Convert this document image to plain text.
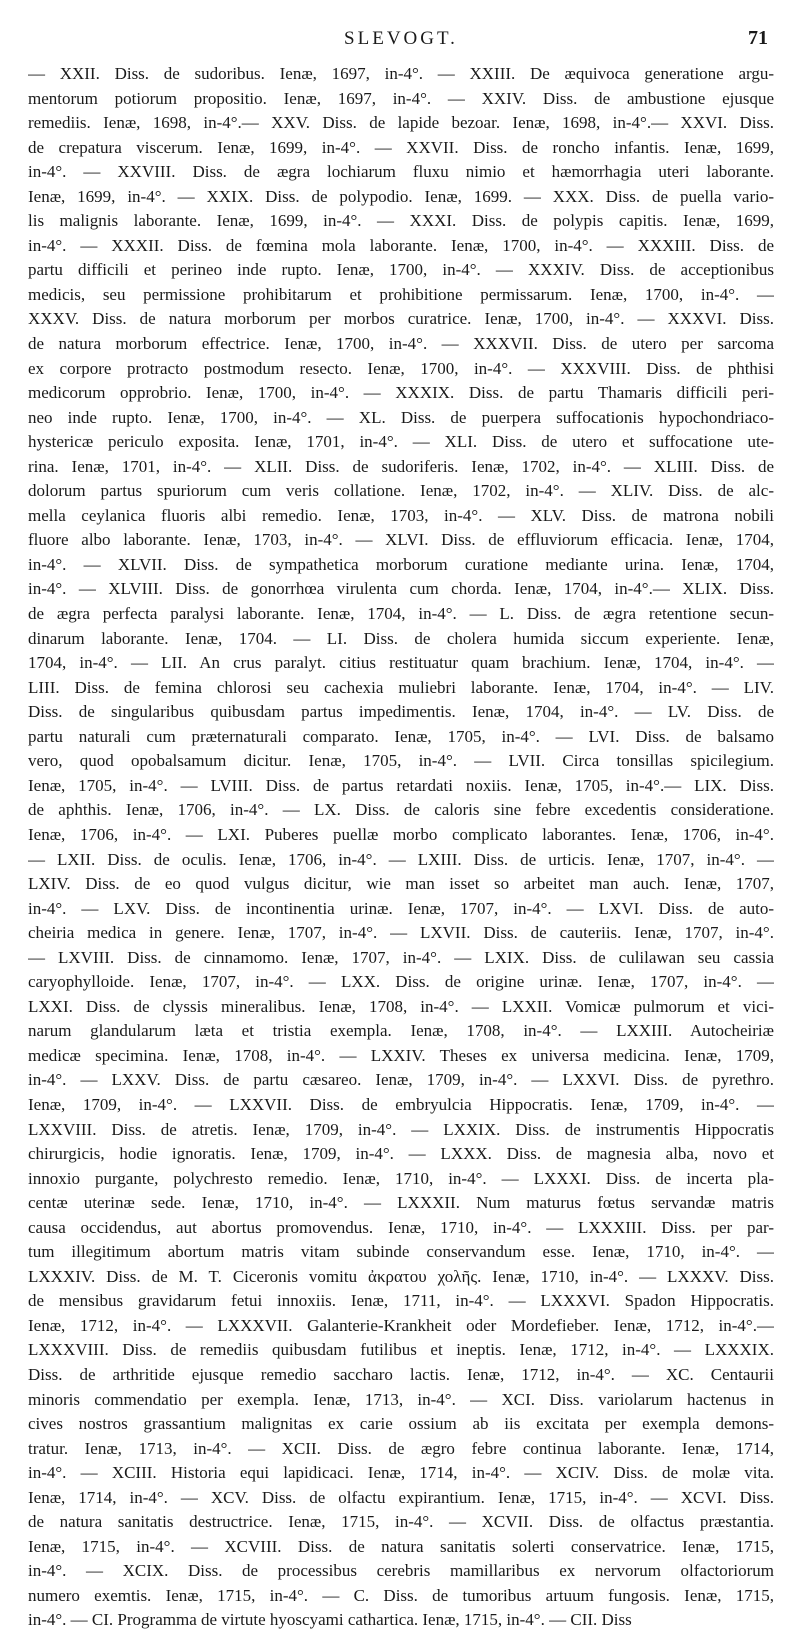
SLEVOGT.	71
— XXII. Diss. de sudoribus. Ienæ, 1697, in-4°. — XXIII. De æquivoca generatione argu-
mentorum potiorum propositio. Ienæ, 1697, in-4°. — XXIV. Diss. de ambustione ejusque
remediis. Ienæ, 1698, in-4°.— XXV. Diss. de lapide bezoar. Ienæ, 1698, in-4°.— XXVI. Diss.
de crepatura viscerum. Ienæ, 1699, in-4°. — XXVII. Diss. de roncho infantis. Ienæ, 1699,
in-4°. — XXVIII. Diss. de ægra lochiarum fluxu nimio et hæmorrhagia uteri laborante.
Ienæ, 1699, in-4°. — XXIX. Diss. de polypodio. Ienæ, 1699. — XXX. Diss. de puella vario-
lis malignis laborante. Ienæ, 1699, in-4°. — XXXI. Diss. de polypis capitis. Ienæ, 1699,
in-4°. — XXXII. Diss. de fœmina mola laborante. Ienæ, 1700, in-4°. — XXXIII. Diss. de
partu difficili et perineo inde rupto. Ienæ, 1700, in-4°. — XXXIV. Diss. de acceptionibus
medicis, seu permissione prohibitarum et prohibitione permissarum. Ienæ, 1700, in-4°. —
XXXV. Diss. de natura morborum per morbos curatrice. Ienæ, 1700, in-4°. — XXXVI. Diss.
de natura morborum effectrice. Ienæ, 1700, in-4°. — XXXVII. Diss. de utero per sarcoma
ex corpore protracto postmodum resecto. Ienæ, 1700, in-4°. — XXXVIII. Diss. de phthisi
medicorum opprobrio. Ienæ, 1700, in-4°. — XXXIX. Diss. de partu Thamaris difficili peri-
neo inde rupto. Ienæ, 1700, in-4°. — XL. Diss. de puerpera suffocationis hypochondriaco-
hystericæ periculo exposita. Ienæ, 1701, in-4°. — XLI. Diss. de utero et suffocatione ute-
rina. Ienæ, 1701, in-4°. — XLII. Diss. de sudoriferis. Ienæ, 1702, in-4°. — XLIII. Diss. de
dolorum partus spuriorum cum veris collatione. Ienæ, 1702, in-4°. — XLIV. Diss. de alc-
mella ceylanica fluoris albi remedio. Ienæ, 1703, in-4°. — XLV. Diss. de matrona nobili
fluore albo laborante. Ienæ, 1703, in-4°. — XLVI. Diss. de effluviorum efficacia. Ienæ, 1704,
in-4°. — XLVII. Diss. de sympathetica morborum curatione mediante urina. Ienæ, 1704,
in-4°. — XLVIII. Diss. de gonorrhœa virulenta cum chorda. Ienæ, 1704, in-4°.— XLIX. Diss.
de ægra perfecta paralysi laborante. Ienæ, 1704, in-4°. — L. Diss. de ægra retentione secun-
dinarum laborante. Ienæ, 1704. — LI. Diss. de cholera humida siccum experiente. Ienæ,
1704, in-4°. — LII. An crus paralyt. citius restituatur quam brachium. Ienæ, 1704, in-4°. —
LIII. Diss. de femina chlorosi seu cachexia muliebri laborante. Ienæ, 1704, in-4°. — LIV.
Diss. de singularibus quibusdam partus impedimentis. Ienæ, 1704, in-4°. — LV. Diss. de
partu naturali cum præternaturali comparato. Ienæ, 1705, in-4°. — LVI. Diss. de balsamo
vero, quod opobalsamum dicitur. Ienæ, 1705, in-4°. — LVII. Circa tonsillas spicilegium.
Ienæ, 1705, in-4°. — LVIII. Diss. de partus retardati noxiis. Ienæ, 1705, in-4°.— LIX. Diss.
de aphthis. Ienæ, 1706, in-4°. — LX. Diss. de caloris sine febre excedentis consideratione.
Ienæ, 1706, in-4°. — LXI. Puberes puellæ morbo complicato laborantes. Ienæ, 1706, in-4°.
— LXII. Diss. de oculis. Ienæ, 1706, in-4°. — LXIII. Diss. de urticis. Ienæ, 1707, in-4°. —
LXIV. Diss. de eo quod vulgus dicitur, wie man isset so arbeitet man auch. Ienæ, 1707,
in-4°. — LXV. Diss. de incontinentia urinæ. Ienæ, 1707, in-4°. — LXVI. Diss. de auto-
cheiria medica in genere. Ienæ, 1707, in-4°. — LXVII. Diss. de cauteriis. Ienæ, 1707, in-4°.
— LXVIII. Diss. de cinnamomo. Ienæ, 1707, in-4°. — LXIX. Diss. de culilawan seu cassia
caryophylloide. Ienæ, 1707, in-4°. — LXX. Diss. de origine urinæ. Ienæ, 1707, in-4°. —
LXXI. Diss. de clyssis mineralibus. Ienæ, 1708, in-4°. — LXXII. Vomicæ pulmorum et vici-
narum glandularum læta et tristia exempla. Ienæ, 1708, in-4°. — LXXIII. Autocheiriæ
medicæ specimina. Ienæ, 1708, in-4°. — LXXIV. Theses ex universa medicina. Ienæ, 1709,
in-4°. — LXXV. Diss. de partu cæsareo. Ienæ, 1709, in-4°. — LXXVI. Diss. de pyrethro.
Ienæ, 1709, in-4°. — LXXVII. Diss. de embryulcia Hippocratis. Ienæ, 1709, in-4°. —
LXXVIII. Diss. de atretis. Ienæ, 1709, in-4°. — LXXIX. Diss. de instrumentis Hippocratis
chirurgicis, hodie ignoratis. Ienæ, 1709, in-4°. — LXXX. Diss. de magnesia alba, novo et
innoxio purgante, polychresto remedio. Ienæ, 1710, in-4°. — LXXXI. Diss. de incerta pla-
centæ uterinæ sede. Ienæ, 1710, in-4°. — LXXXII. Num maturus fœtus servandæ matris
causa occidendus, aut abortus promovendus. Ienæ, 1710, in-4°. — LXXXIII. Diss. per par-
tum illegitimum abortum matris vitam subinde conservandum esse. Ienæ, 1710, in-4°. —
LXXXIV. Diss. de M. T. Ciceronis vomitu ἀκρατου χολῆς. Ienæ, 1710, in-4°. — LXXXV. Diss.
de mensibus gravidarum fetui innoxiis. Ienæ, 1711, in-4°. — LXXXVI. Spadon Hippocratis.
Ienæ, 1712, in-4°. — LXXXVII. Galanterie-Krankheit oder Mordefieber. Ienæ, 1712, in-4°.—
LXXXVIII. Diss. de remediis quibusdam futilibus et ineptis. Ienæ, 1712, in-4°. — LXXXIX.
Diss. de arthritide ejusque remedio saccharo lactis. Ienæ, 1712, in-4°. — XC. Centaurii
minoris commendatio per exempla. Ienæ, 1713, in-4°. — XCI. Diss. variolarum hactenus in
cives nostros grassantium malignitas ex carie ossium ab iis excitata per exempla demons-
tratur. Ienæ, 1713, in-4°. — XCII. Diss. de ægro febre continua laborante. Ienæ, 1714,
in-4°. — XCIII. Historia equi lapidicaci. Ienæ, 1714, in-4°. — XCIV. Diss. de molæ vita.
Ienæ, 1714, in-4°. — XCV. Diss. de olfactu expirantium. Ienæ, 1715, in-4°. — XCVI. Diss.
de natura sanitatis destructrice. Ienæ, 1715, in-4°. — XCVII. Diss. de olfactus præstantia.
Ienæ, 1715, in-4°. — XCVIII. Diss. de natura sanitatis solerti conservatrice. Ienæ, 1715,
in-4°. — XCIX. Diss. de processibus cerebris mamillaribus ex nervorum olfactoriorum
numero exemtis. Ienæ, 1715, in-4°. — C. Diss. de tumoribus artuum fungosis. Ienæ, 1715,
in-4°. — CI. Programma de virtute hyoscyami cathartica. Ienæ, 1715, in-4°. — CII. Diss
